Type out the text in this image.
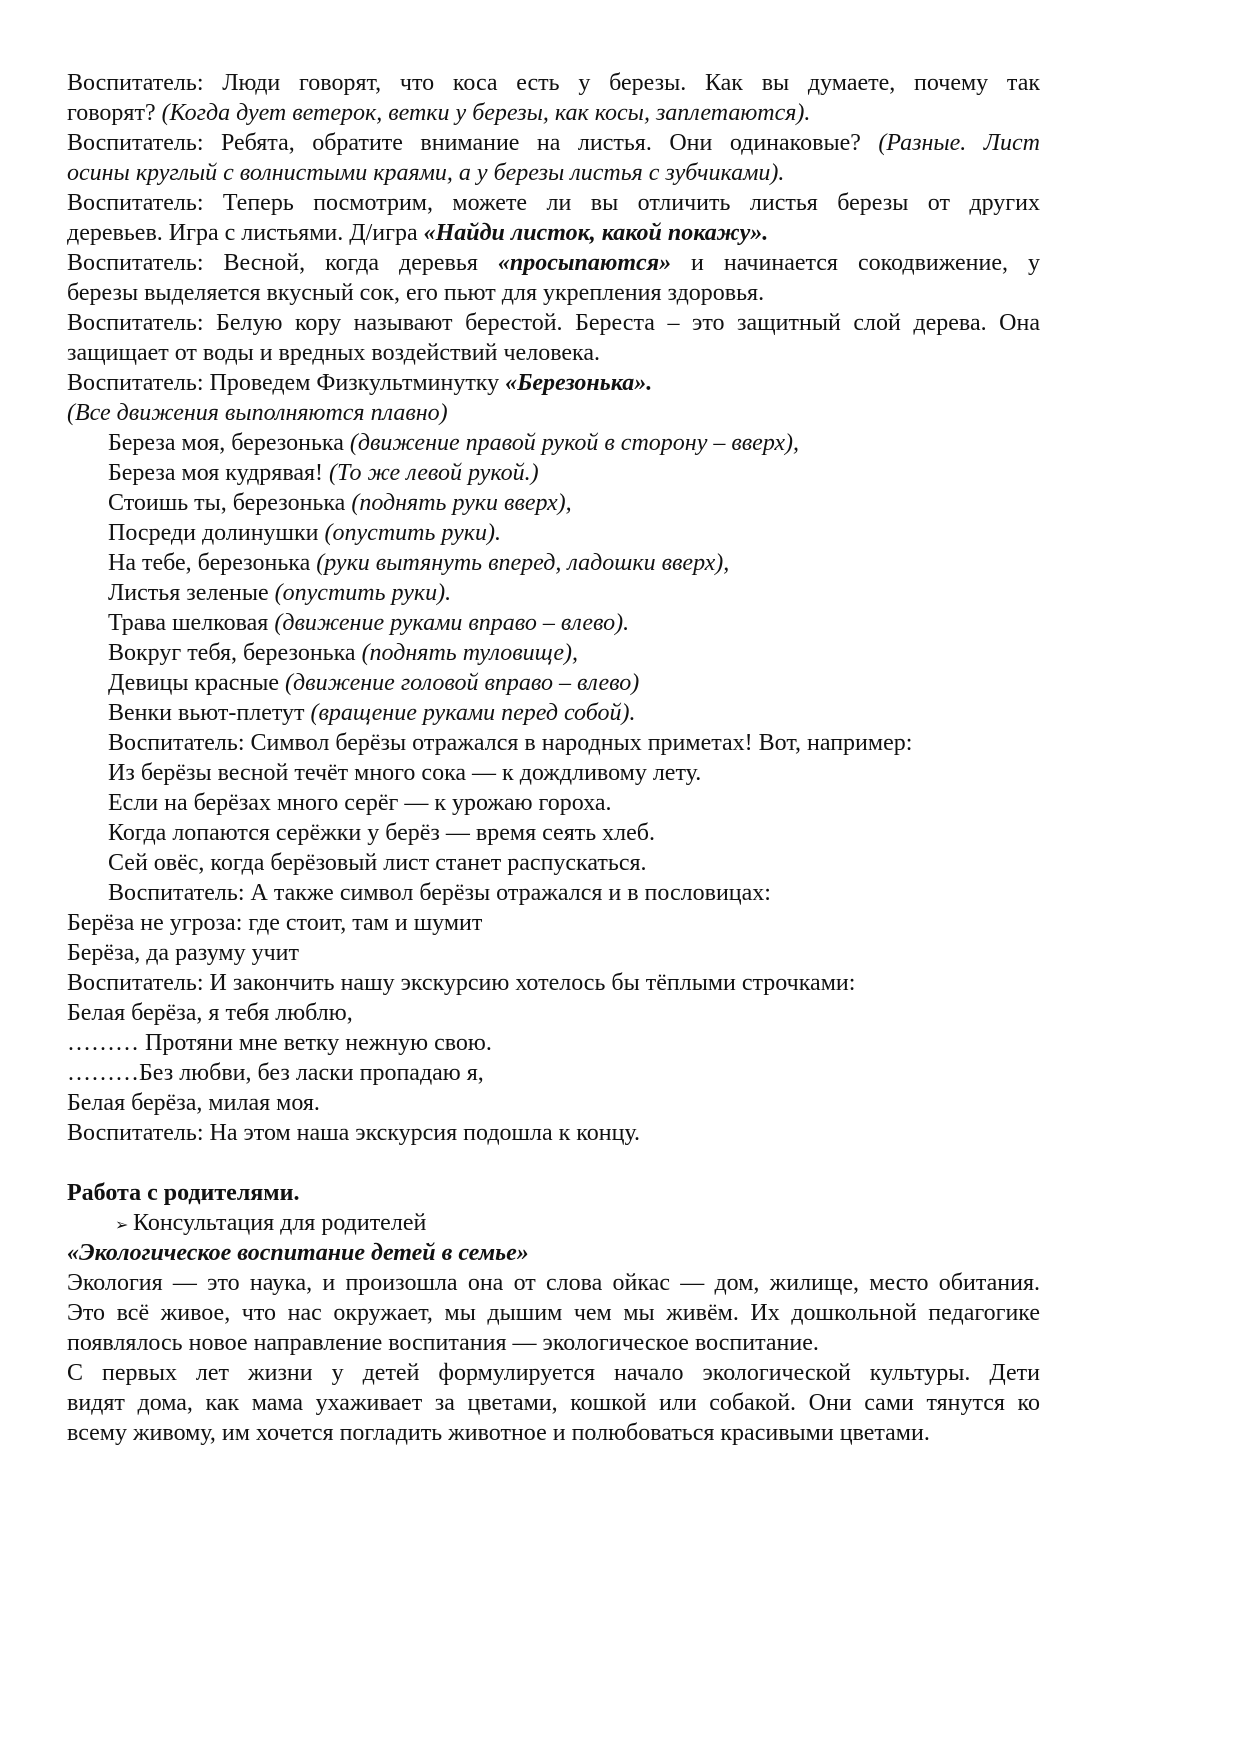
Воспитатель: Люди говорят, что коса есть у березы. Как вы думаете, почему так
говорят? (Когда дует ветерок, ветки у березы, как косы, заплетаются).
Воспитатель: Ребята, обратите внимание на листья. Они одинаковые? (Разные. Лист
осины круглый с волнистыми краями, а у березы листья с зубчиками).
Воспитатель: Теперь посмотрим, можете ли вы отличить листья березы от других
деревьев. Игра с листьями. Д/игра «Найди листок, какой покажу».
Воспитатель: Весной, когда деревья «просыпаются» и начинается сокодвижение, у
березы выделяется вкусный сок, его пьют для укрепления здоровья.
Воспитатель: Белую кору называют берестой. Береста – это защитный слой дерева. Она
защищает от воды и вредных воздействий человека.
Воспитатель: Проведем Физкультминутку «Березонька».
(Все движения выполняются плавно)
Береза моя, березонька (движение правой рукой в сторону – вверх),
Береза моя кудрявая! (То же левой рукой.)
Стоишь ты, березонька (поднять руки вверх),
Посреди долинушки (опустить руки).
На тебе, березонька (руки вытянуть вперед, ладошки вверх),
Листья зеленые (опустить руки).
Трава шелковая (движение руками вправо – влево).
Вокруг тебя, березонька (поднять туловище),
Девицы красные (движение головой вправо – влево)
Венки вьют-плетут (вращение руками перед собой).
Воспитатель: Символ берёзы отражался в народных приметах! Вот, например:
Из берёзы весной течёт много сока — к дождливому лету.
Если на берёзах много серёг — к урожаю гороха.
Когда лопаются серёжки у берёз — время сеять хлеб.
Сей овёс, когда берёзовый лист станет распускаться.
Воспитатель: А также символ берёзы отражался и в пословицах:
Берёза не угроза: где стоит, там и шумит
Берёза, да разуму учит
Воспитатель: И закончить нашу экскурсию хотелось бы тёплыми строчками:
Белая берёза, я тебя люблю,
……… Протяни мне ветку нежную свою.
………Без любви, без ласки пропадаю я,
Белая берёза, милая моя.
Воспитатель: На этом наша экскурсия подошла к концу.
Работа с родителями.
➢ Консультация для родителей
«Экологическое воспитание детей в семье»
Экология — это наука, и произошла она от слова ойкас — дом, жилище, место обитания.
Это всё живое, что нас окружает, мы дышим чем мы живём. Их дошкольной педагогике
появлялось новое направление воспитания — экологическое воспитание.
С первых лет жизни у детей формулируется начало экологической культуры. Дети
видят дома, как мама ухаживает за цветами, кошкой или собакой. Они сами тянутся ко
всему живому, им хочется погладить животное и полюбоваться красивыми цветами.
